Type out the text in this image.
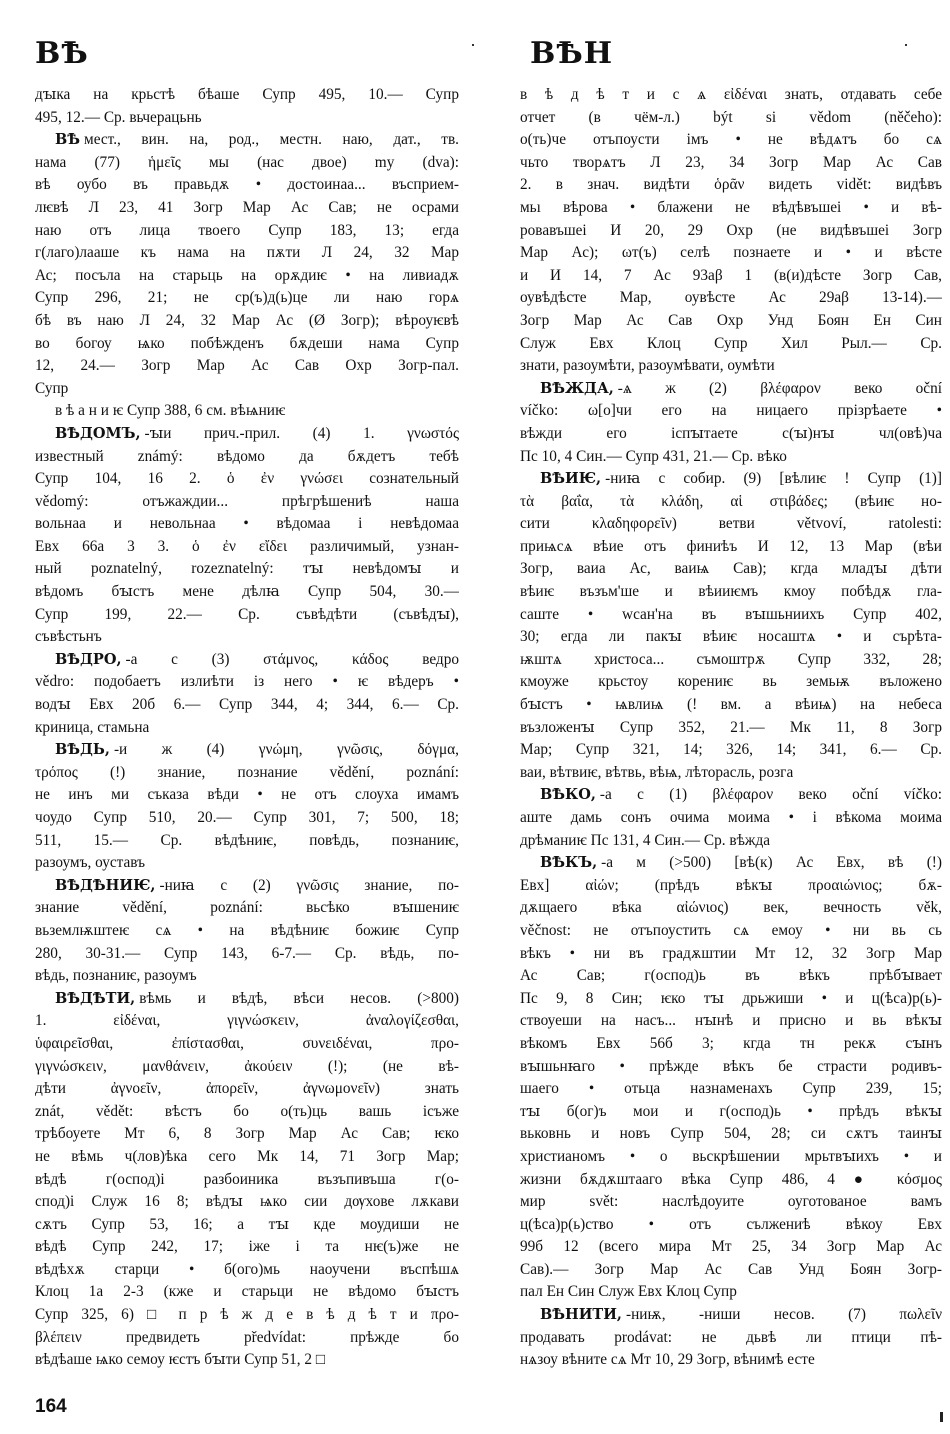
ВѢ	ВѢН
дꙑка на крьстѣ бѣаше Супр 495, 10.— Супр
495, 12.— Ср. вьчерацьнь
ВѢ мест., вин. на, род., местн. наю, дат., тв.
нама (77) ἡμεῖς мы (нас двое) my (dva):
вѣ оубо въ правьдѫ • достоинаа... въсприем-
лѥвѣ Л 23, 41 Зогр Мар Ас Сав; не осрами
наю отъ лица твоего Супр 183, 13; егда
г(лаго)лааше къ нама на пѫти Л 24, 32 Мар
Ас; посъла на старьць на орѫдиѥ • на ливиадѫ
Супр 296, 21; не ср(ъ)д(ь)це ли наю горѧ
бѣ въ наю Л 24, 32 Мар Ас (Ø Зогр); вѣроуѥвѣ
во богоу ѩко побѣжденъ бѫдеши нама Супр
12, 24.— Зогр Мар Ас Сав Охр Зогр-пал.
Супр
в ѣ а н и ѥ Супр 388, 6 см. вѣѩниѥ
ВѢДОМЪ, -ꙑи прич.-прил. (4) 1. γνωστός
известный známý: вѣдомо да бѫдетъ тебѣ
Супр 104, 16 2. ὁ ἐν γνώσει сознательный
vědomý: отъжаждии... прѣгрѣшениѣ наша
вольнаа и невольнаа • вѣдомаа і невѣдомаа
Евх 66а 3 3. ὁ ἐν εἴδει различимый, узнан-
ный poznatelný, rozeznatelný: тꙑ невѣдомꙑ и
вѣдомъ бꙑстъ мене дѣлꙗ Супр 504, 30.—
Супр 199, 22.— Ср. съвѣдѣти (съвѣдꙑ),
съвѣстьнъ
ВѢДРО, -а с (3) στάμνος, κάδος ведро
vědro: подобаетъ излиѣти із него • ѥ вѣдеръ •
водꙑ Евх 20б 6.— Супр 344, 4; 344, 6.— Ср.
криница, стамьна
ВѢДЬ, -и ж (4) γνώμη, γνῶσις, δόγμα,
τρόπος (!) знание, познание vědění, poznání:
не инъ ми съказа вѣди • не отъ слоуха имамъ
чоудо Супр 510, 20.— Супр 301, 7; 500, 18;
511, 15.— Ср. вѣдѣниѥ, повѣдь, познаниѥ,
разоумъ, оуставъ
ВѢДѢНИѤ, -ниꙗ с (2) γνῶσις знание, по-
знание vědění, poznání: вьсѣко вꙑшениѥ
вьземлѭштеѥ сѧ • на вѣдѣниѥ божиѥ Супр
280, 30-31.— Супр 143, 6-7.— Ср. вѣдь, по-
вѣдь, познаниѥ, разоумъ
ВѢДѢТИ, вѣмь и вѣдѣ, вѣси несов. (>800)
1. εἰδέναι, γιγνώσκειν, ἀναλογίζεσθαι,
ὑφαιρεῖσθαι, ἐπίστασθαι, συνειδέναι, προ-
γιγνώσκειν, μανθάνειν, ἀκούειν (!); (не вѣ-
дѣти ἀγνοεῖν, ἀπορεῖν, ἀγνωμονεῖν) знать
znát, vědět: вѣстъ бо о(ть)ць вашь ісъже
трѣбоуете Мт 6, 8 Зогр Мар Ас Сав; ѥко
не вѣмь ч(лов)ѣка сего Мк 14, 71 Зогр Мар;
вѣдѣ г(оспод)і разбоиника възъпивъша г(о-
спод)і Служ 16 8; вѣдꙑ ѩко сии дѹхове лѫкави
сѫтъ Супр 53, 16; а тꙑ кде моудиши не
вѣдѣ Супр 242, 17; іже і та нѥ(ъ)же не
вѣдѣхѫ старци • б(ого)мь наоучени въспѣшѧ
Клоц 1а 2-3 (кже и старьци не вѣдомо бꙑстъ
Супр 325, 6) □ п р ѣ ж д е в ѣ д ѣ т и προ-
βλέπειν предвидеть předvídat: прѣжде бо
вѣдѣаше ѩко семоу ѥстъ бꙑти Супр 51, 2 □
в ѣ д ѣ т и с ѧ εἰδέναι знать, отдавать себе
отчет (в чём-л.) být si vědom (něčeho):
о(ть)че отъпоусти імъ • не вѣдѧтъ бо сѧ
чьто творѧтъ Л 23, 34 Зогр Мар Ас Сав
2. в знач. видѣти ὁρᾶν видеть vidět: видѣвъ
мьı вѣрова • блажени не вѣдѣвъшеі • и вѣ-
ровавъшеі И 20, 29 Охр (не видѣвъшеі Зогр
Мар Ас); ωт(ъ) селѣ познаете и • и вѣсте
и И 14, 7 Ас 93аβ 1 (в(и)дѣсте Зогр Сав,
оувѣдѣсте Мар, оувѣсте Ас 29аβ 13-14).—
Зогр Мар Ас Сав Охр Унд Боян Ен Син
Служ Евх Клоц Супр Хил Рыл.— Ср.
знати, разоумѣти, разоумѣвати, оумѣти
ВѢЖДА, -ѧ ж (2) βλέφαρον веко oční
víčko: ω[о]чи его на ницаего прізрѣаете •
вѣжди его іспꙑтаете с(ꙑ)нꙑ чл(овѣ)ча
Пс 10, 4 Син.— Супр 431, 21.— Ср. вѣко
ВѢИѤ, -ниꙗ с собир. (9) [вѣлиѥ ! Супр (1)]
τὰ βαΐα, τὰ κλάδη, αἱ στιβάδες; (вѣиѥ но-
сити κλαδηφορεῖν) ветви větvoví, ratolesti:
приѩсѧ вѣие отъ финиѣъ И 12, 13 Мар (вѣи
Зогр, ваиа Ас, ваиѩ Сав); кгда младꙑ дѣти
вѣиѥ възъм'ше и вѣииѥмъ кмоу побѣдѫ гла-
саште • wсан'на въ вꙑшьниихъ Супр 402,
30; егда ли пакꙑ вѣиѥ носаштѧ • и сърѣта-
ѭштѧ христоса... съмоштрѫ Супр 332, 28;
кмоуже крьстоу корениѥ вь земьѭ въложено
бꙑстъ • ѩвлиѩ (! вм. а вѣиѩ) на небеса
възложенꙑ Супр 352, 21.— Мк 11, 8 Зогр
Мар; Супр 321, 14; 326, 14; 341, 6.— Ср.
ваи, вѣтвиѥ, вѣтвь, вѣѩ, лѣторасль, розга
ВѢКО, -а с (1) βλέφαρον веко oční víčko:
аште дамь сонъ очима моима • і вѣкома моима
дрѣманиѥ Пс 131, 4 Син.— Ср. вѣжда
ВѢКЪ, -а м (>500) [вѣ(к) Ас Евх, вѣ (!)
Евх] αἰών; (прѣдъ вѣкꙑ προαιώνιος; бѫ-
дѫщаего вѣка αἰώνιος) век, вечность věk,
věčnost: не отъпоустить сѧ емоу • ни вь сь
вѣкъ • ни въ градѫштии Мт 12, 32 Зогр Мар
Ас Сав; г(оспод)ь въ вѣкъ прѣбꙑвает
Пс 9, 8 Син; ѥко тꙑ дрьжиши • и ц(ѣса)р(ь)-
ствоуеши на насъ... нꙑнѣ и присно и вь вѣкꙑ
вѣкомъ Евх 56б 3; кгда тн рекѫ сꙑнъ
вꙑшьнꙗго • прѣжде вѣкъ бе страсти родивъ-
шаего • отьца назнаменахъ Супр 239, 15;
тꙑ б(ог)ъ мои и г(оспод)ь • прѣдъ вѣкꙑ
вьковнь и новъ Супр 504, 28; си сѫтъ таинꙑ
христианомъ • о вьскрѣшении мрьтвꙑихъ • и
жизни бѫдѫштааго вѣка Супр 486, 4 ● κόσμος
мир svět: наслѣдоуите оуготованое вамъ
ц(ѣса)р(ь)ство • отъ сължениѣ вѣкоу Евх
99б 12 (всего мира Мт 25, 34 Зогр Мар Ас
Сав).— Зогр Мар Ас Сав Унд Боян Зогр-
пал Ен Син Служ Евх Клоц Супр
ВѢНИТИ, -ниѭ, -ниши несов. (7) πωλεῖν
продавать prodávat: не дьвѣ ли птици пѣ-
нѧзоу вѣните сѧ Мт 10, 29 Зогр, вѣнимѣ есте
164
